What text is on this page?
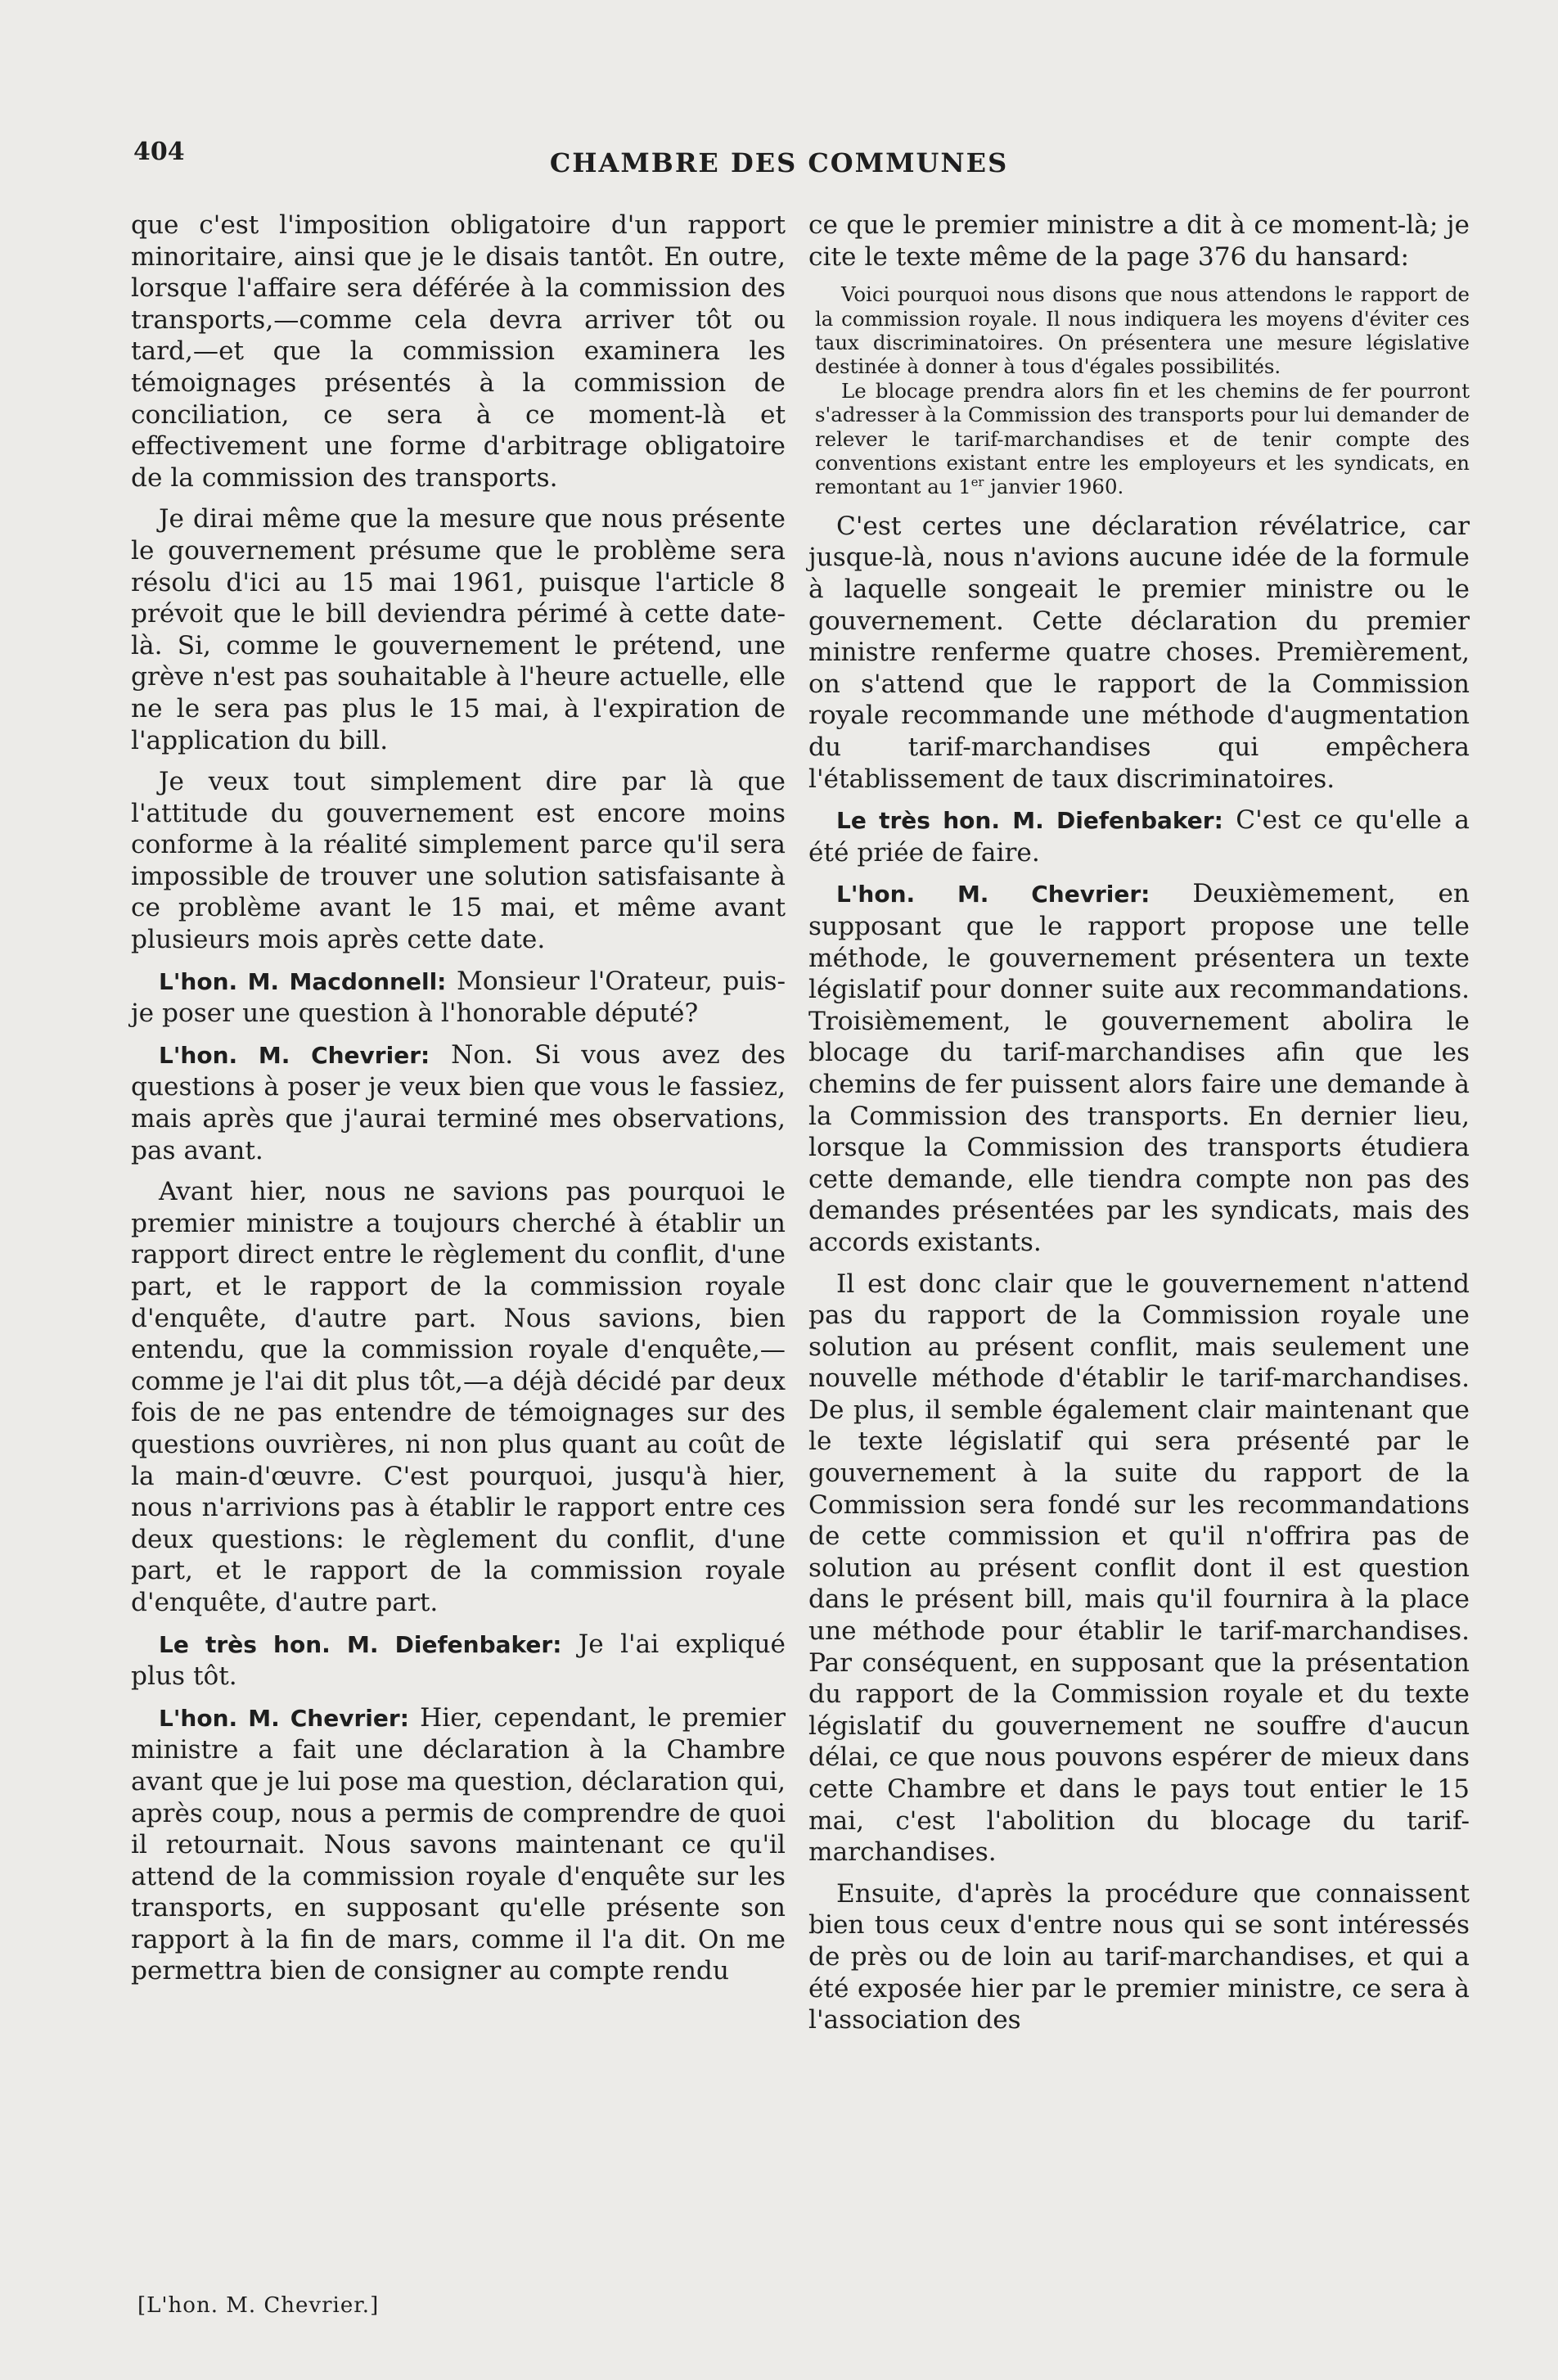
404	CHAMBRE DES COMMUNES

que c'est l'imposition obligatoire d'un rapport minoritaire, ainsi que je le disais tantôt. En outre, lorsque l'affaire sera déférée à la commission des transports,—comme cela devra arriver tôt ou tard,—et que la commission examinera les témoignages présentés à la commission de conciliation, ce sera à ce moment-là et effectivement une forme d'arbitrage obligatoire de la commission des transports.

Je dirai même que la mesure que nous présente le gouvernement présume que le problème sera résolu d'ici au 15 mai 1961, puisque l'article 8 prévoit que le bill deviendra périmé à cette date-là. Si, comme le gouvernement le prétend, une grève n'est pas souhaitable à l'heure actuelle, elle ne le sera pas plus le 15 mai, à l'expiration de l'application du bill.

Je veux tout simplement dire par là que l'attitude du gouvernement est encore moins conforme à la réalité simplement parce qu'il sera impossible de trouver une solution satisfaisante à ce problème avant le 15 mai, et même avant plusieurs mois après cette date.

L'hon. M. Macdonnell: Monsieur l'Orateur, puis-je poser une question à l'honorable député?

L'hon. M. Chevrier: Non. Si vous avez des questions à poser je veux bien que vous le fassiez, mais après que j'aurai terminé mes observations, pas avant.

Avant hier, nous ne savions pas pourquoi le premier ministre a toujours cherché à établir un rapport direct entre le règlement du conflit, d'une part, et le rapport de la commission royale d'enquête, d'autre part. Nous savions, bien entendu, que la commission royale d'enquête,—comme je l'ai dit plus tôt,—a déjà décidé par deux fois de ne pas entendre de témoignages sur des questions ouvrières, ni non plus quant au coût de la main-d'œuvre. C'est pourquoi, jusqu'à hier, nous n'arrivions pas à établir le rapport entre ces deux questions: le règlement du conflit, d'une part, et le rapport de la commission royale d'enquête, d'autre part.

Le très hon. M. Diefenbaker: Je l'ai expliqué plus tôt.

L'hon. M. Chevrier: Hier, cependant, le premier ministre a fait une déclaration à la Chambre avant que je lui pose ma question, déclaration qui, après coup, nous a permis de comprendre de quoi il retournait. Nous savons maintenant ce qu'il attend de la commission royale d'enquête sur les transports, en supposant qu'elle présente son rapport à la fin de mars, comme il l'a dit. On me permettra bien de consigner au compte rendu

ce que le premier ministre a dit à ce moment-là; je cite le texte même de la page 376 du hansard:

Voici pourquoi nous disons que nous attendons le rapport de la commission royale. Il nous indiquera les moyens d'éviter ces taux discriminatoires. On présentera une mesure législative destinée à donner à tous d'égales possibilités.

Le blocage prendra alors fin et les chemins de fer pourront s'adresser à la Commission des transports pour lui demander de relever le tarif-marchandises et de tenir compte des conventions existant entre les employeurs et les syndicats, en remontant au 1er janvier 1960.

C'est certes une déclaration révélatrice, car jusque-là, nous n'avions aucune idée de la formule à laquelle songeait le premier ministre ou le gouvernement. Cette déclaration du premier ministre renferme quatre choses. Premièrement, on s'attend que le rapport de la Commission royale recommande une méthode d'augmentation du tarif-marchandises qui empêchera l'établissement de taux discriminatoires.

Le très hon. M. Diefenbaker: C'est ce qu'elle a été priée de faire.

L'hon. M. Chevrier: Deuxièmement, en supposant que le rapport propose une telle méthode, le gouvernement présentera un texte législatif pour donner suite aux recommandations. Troisièmement, le gouvernement abolira le blocage du tarif-marchandises afin que les chemins de fer puissent alors faire une demande à la Commission des transports. En dernier lieu, lorsque la Commission des transports étudiera cette demande, elle tiendra compte non pas des demandes présentées par les syndicats, mais des accords existants.

Il est donc clair que le gouvernement n'attend pas du rapport de la Commission royale une solution au présent conflit, mais seulement une nouvelle méthode d'établir le tarif-marchandises. De plus, il semble également clair maintenant que le texte législatif qui sera présenté par le gouvernement à la suite du rapport de la Commission sera fondé sur les recommandations de cette commission et qu'il n'offrira pas de solution au présent conflit dont il est question dans le présent bill, mais qu'il fournira à la place une méthode pour établir le tarif-marchandises. Par conséquent, en supposant que la présentation du rapport de la Commission royale et du texte législatif du gouvernement ne souffre d'aucun délai, ce que nous pouvons espérer de mieux dans cette Chambre et dans le pays tout entier le 15 mai, c'est l'abolition du blocage du tarif-marchandises.

Ensuite, d'après la procédure que connaissent bien tous ceux d'entre nous qui se sont intéressés de près ou de loin au tarif-marchandises, et qui a été exposée hier par le premier ministre, ce sera à l'association des

[L'hon. M. Chevrier.]
